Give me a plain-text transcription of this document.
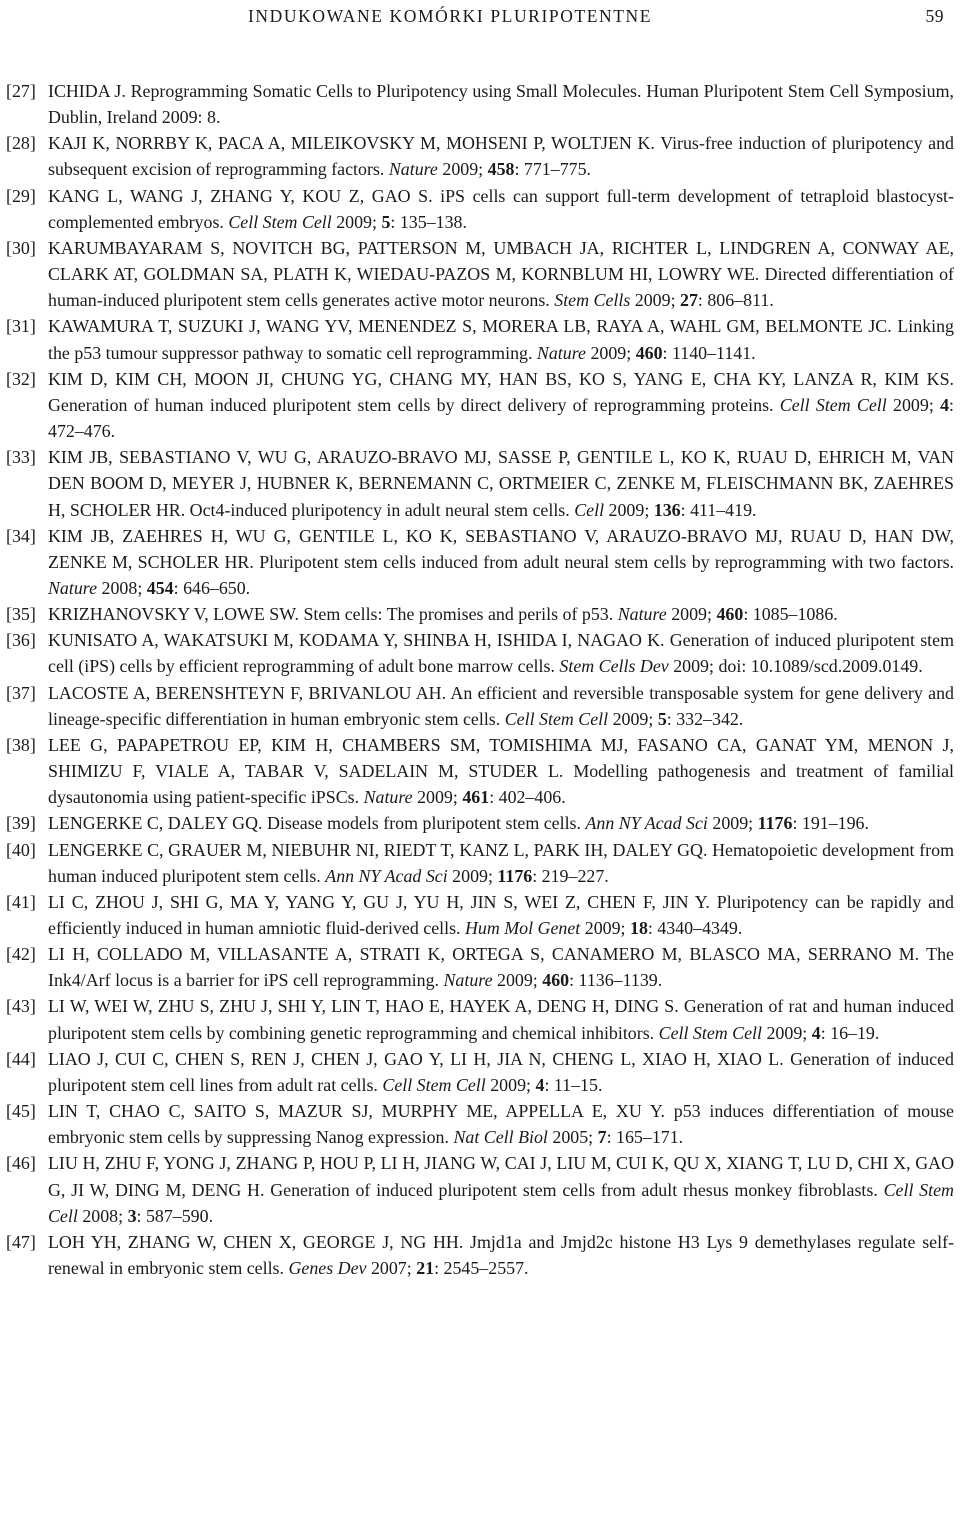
INDUKOWANE KOMÓRKI PLURIPOTENTNE	59
[27] ICHIDA J. Reprogramming Somatic Cells to Pluripotency using Small Molecules. Human Pluripotent Stem Cell Symposium, Dublin, Ireland 2009: 8.
[28] KAJI K, NORRBY K, PACA A, MILEIKOVSKY M, MOHSENI P, WOLTJEN K. Virus-free induction of pluripotency and subsequent excision of reprogramming factors. Nature 2009; 458: 771–775.
[29] KANG L, WANG J, ZHANG Y, KOU Z, GAO S. iPS cells can support full-term development of tetraploid blastocyst-complemented embryos. Cell Stem Cell 2009; 5: 135–138.
[30] KARUMBAYARAM S, NOVITCH BG, PATTERSON M, UMBACH JA, RICHTER L, LINDGREN A, CONWAY AE, CLARK AT, GOLDMAN SA, PLATH K, WIEDAU-PAZOS M, KORNBLUM HI, LOWRY WE. Directed differentiation of human-induced pluripotent stem cells generates active motor neurons. Stem Cells 2009; 27: 806–811.
[31] KAWAMURA T, SUZUKI J, WANG YV, MENENDEZ S, MORERA LB, RAYA A, WAHL GM, BELMONTE JC. Linking the p53 tumour suppressor pathway to somatic cell reprogramming. Nature 2009; 460: 1140–1141.
[32] KIM D, KIM CH, MOON JI, CHUNG YG, CHANG MY, HAN BS, KO S, YANG E, CHA KY, LANZA R, KIM KS. Generation of human induced pluripotent stem cells by direct delivery of reprogramming proteins. Cell Stem Cell 2009; 4: 472–476.
[33] KIM JB, SEBASTIANO V, WU G, ARAUZO-BRAVO MJ, SASSE P, GENTILE L, KO K, RUAU D, EHRICH M, VAN DEN BOOM D, MEYER J, HUBNER K, BERNEMANN C, ORTMEIER C, ZENKE M, FLEISCHMANN BK, ZAEHRES H, SCHOLER HR. Oct4-induced pluripotency in adult neural stem cells. Cell 2009; 136: 411–419.
[34] KIM JB, ZAEHRES H, WU G, GENTILE L, KO K, SEBASTIANO V, ARAUZO-BRAVO MJ, RUAU D, HAN DW, ZENKE M, SCHOLER HR. Pluripotent stem cells induced from adult neural stem cells by reprogramming with two factors. Nature 2008; 454: 646–650.
[35] KRIZHANOVSKY V, LOWE SW. Stem cells: The promises and perils of p53. Nature 2009; 460: 1085–1086.
[36] KUNISATO A, WAKATSUKI M, KODAMA Y, SHINBA H, ISHIDA I, NAGAO K. Generation of induced pluripotent stem cell (iPS) cells by efficient reprogramming of adult bone marrow cells. Stem Cells Dev 2009; doi: 10.1089/scd.2009.0149.
[37] LACOSTE A, BERENSHTEYN F, BRIVANLOU AH. An efficient and reversible transposable system for gene delivery and lineage-specific differentiation in human embryonic stem cells. Cell Stem Cell 2009; 5: 332–342.
[38] LEE G, PAPAPETROU EP, KIM H, CHAMBERS SM, TOMISHIMA MJ, FASANO CA, GANAT YM, MENON J, SHIMIZU F, VIALE A, TABAR V, SADELAIN M, STUDER L. Modelling pathogenesis and treatment of familial dysautonomia using patient-specific iPSCs. Nature 2009; 461: 402–406.
[39] LENGERKE C, DALEY GQ. Disease models from pluripotent stem cells. Ann NY Acad Sci 2009; 1176: 191–196.
[40] LENGERKE C, GRAUER M, NIEBUHR NI, RIEDT T, KANZ L, PARK IH, DALEY GQ. Hematopoietic development from human induced pluripotent stem cells. Ann NY Acad Sci 2009; 1176: 219–227.
[41] LI C, ZHOU J, SHI G, MA Y, YANG Y, GU J, YU H, JIN S, WEI Z, CHEN F, JIN Y. Pluripotency can be rapidly and efficiently induced in human amniotic fluid-derived cells. Hum Mol Genet 2009; 18: 4340–4349.
[42] LI H, COLLADO M, VILLASANTE A, STRATI K, ORTEGA S, CANAMERO M, BLASCO MA, SERRANO M. The Ink4/Arf locus is a barrier for iPS cell reprogramming. Nature 2009; 460: 1136–1139.
[43] LI W, WEI W, ZHU S, ZHU J, SHI Y, LIN T, HAO E, HAYEK A, DENG H, DING S. Generation of rat and human induced pluripotent stem cells by combining genetic reprogramming and chemical inhibitors. Cell Stem Cell 2009; 4: 16–19.
[44] LIAO J, CUI C, CHEN S, REN J, CHEN J, GAO Y, LI H, JIA N, CHENG L, XIAO H, XIAO L. Generation of induced pluripotent stem cell lines from adult rat cells. Cell Stem Cell 2009; 4: 11–15.
[45] LIN T, CHAO C, SAITO S, MAZUR SJ, MURPHY ME, APPELLA E, XU Y. p53 induces differentiation of mouse embryonic stem cells by suppressing Nanog expression. Nat Cell Biol 2005; 7: 165–171.
[46] LIU H, ZHU F, YONG J, ZHANG P, HOU P, LI H, JIANG W, CAI J, LIU M, CUI K, QU X, XIANG T, LU D, CHI X, GAO G, JI W, DING M, DENG H. Generation of induced pluripotent stem cells from adult rhesus monkey fibroblasts. Cell Stem Cell 2008; 3: 587–590.
[47] LOH YH, ZHANG W, CHEN X, GEORGE J, NG HH. Jmjd1a and Jmjd2c histone H3 Lys 9 demethylases regulate self-renewal in embryonic stem cells. Genes Dev 2007; 21: 2545–2557.
